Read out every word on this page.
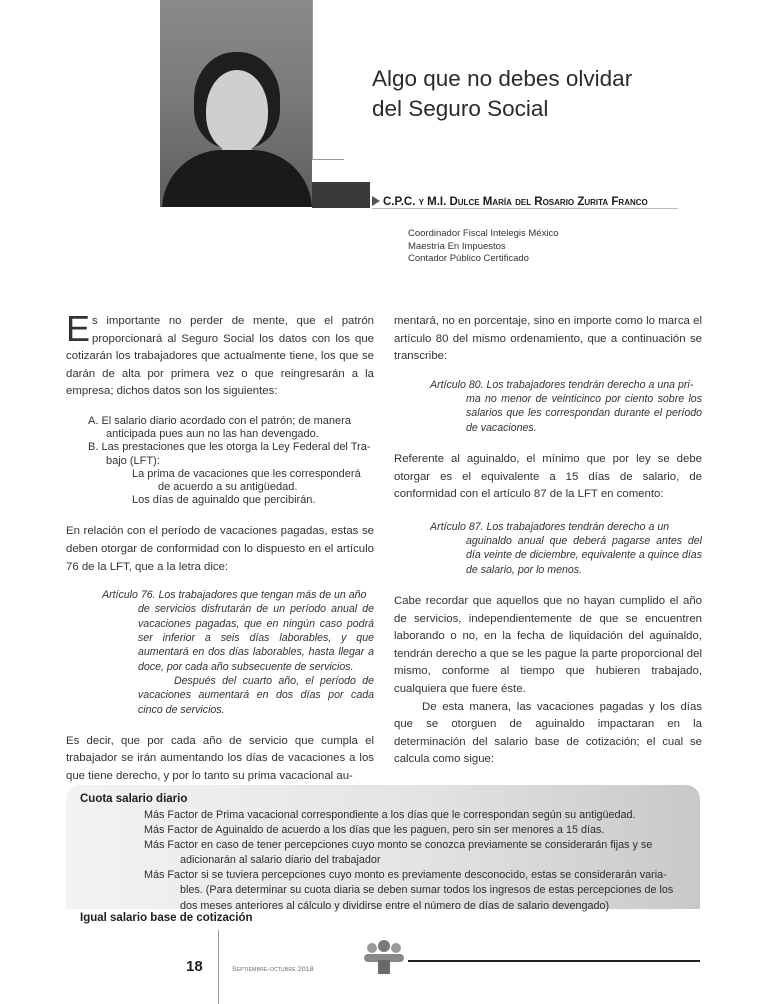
Algo que no debes olvidar
del Seguro Social
C.P.C. y M.I. Dulce María del Rosario Zurita Franco
Coordinador Fiscal Intelegis México
Maestría En Impuestos
Contador Público Certificado

Es importante no perder de mente, que el patrón proporcionará al Seguro Social los datos con los que cotizarán los trabajadores que actualmente tiene, los que se darán de alta por primera vez o que reingresarán a la empresa; dichos datos son los siguientes:

A. El salario diario acordado con el patrón; de manera
anticipada pues aun no las han devengado.
B. Las prestaciones que les otorga la Ley Federal del Tra-
bajo (LFT):
La prima de vacaciones que les corresponderá
de acuerdo a su antigüedad.
Los días de aguinaldo que percibirán.

En relación con el período de vacaciones pagadas, estas se deben otorgar de conformidad con lo dispuesto en el artículo 76 de la LFT, que a la letra dice:

Artículo 76. Los trabajadores que tengan más de un año
de servicios disfrutarán de un período anual de vacaciones pagadas, que en ningún caso podrá ser inferior a seis días laborables, y que aumentará en dos días laborables, hasta llegar a doce, por cada año subsecuente de servicios.
Después del cuarto año, el período de vacaciones aumentará en dos días por cada cinco de servicios.

Es decir, que por cada año de servicio que cumpla el trabajador se irán aumentando los días de vacaciones a los que tiene derecho, y por lo tanto su prima vacacional au-

mentará, no en porcentaje, sino en importe como lo marca el artículo 80 del mismo ordenamiento, que a continuación se transcribe:

Artículo 80. Los trabajadores tendrán derecho a una pri-
ma no menor de veinticinco por ciento sobre los salarios que les correspondan durante el período de vacaciones.

Referente al aguinaldo, el mínimo que por ley se debe otorgar es el equivalente a 15 días de salario, de conformidad con el artículo 87 de la LFT en comento:

Artículo 87. Los trabajadores tendrán derecho a un
aguinaldo anual que deberá pagarse antes del día veinte de diciembre, equivalente a quince días de salario, por lo menos.

Cabe recordar que aquellos que no hayan cumplido el año de servicios, independientemente de que se encuentren laborando o no, en la fecha de liquidación del aguinaldo, tendrán derecho a que se les pague la parte proporcional del mismo, conforme al tiempo que hubieren trabajado, cualquiera que fuere éste.

De esta manera, las vacaciones pagadas y los días que se otorguen de aguinaldo impactaran en la determinación del salario base de cotización; el cual se calcula como sigue:

Cuota salario diario
Más Factor de Prima vacacional correspondiente a los días que le correspondan según su antigüedad.
Más Factor de Aguinaldo de acuerdo a los días que les paguen, pero sin ser menores a 15 días.
Más Factor en caso de tener percepciones cuyo monto se conozca previamente se considerarán fijas y se
adicionarán al salario diario del trabajador
Más Factor si se tuviera percepciones cuyo monto es previamente desconocido, estas se considerarán varia-
bles. (Para determinar su cuota diaria se deben sumar todos los ingresos de estas percepciones de los dos meses anteriores al cálculo y dividirse entre el número de días de salario devengado)
Igual salario base de cotización
18	Septiembre-octubre 2018
